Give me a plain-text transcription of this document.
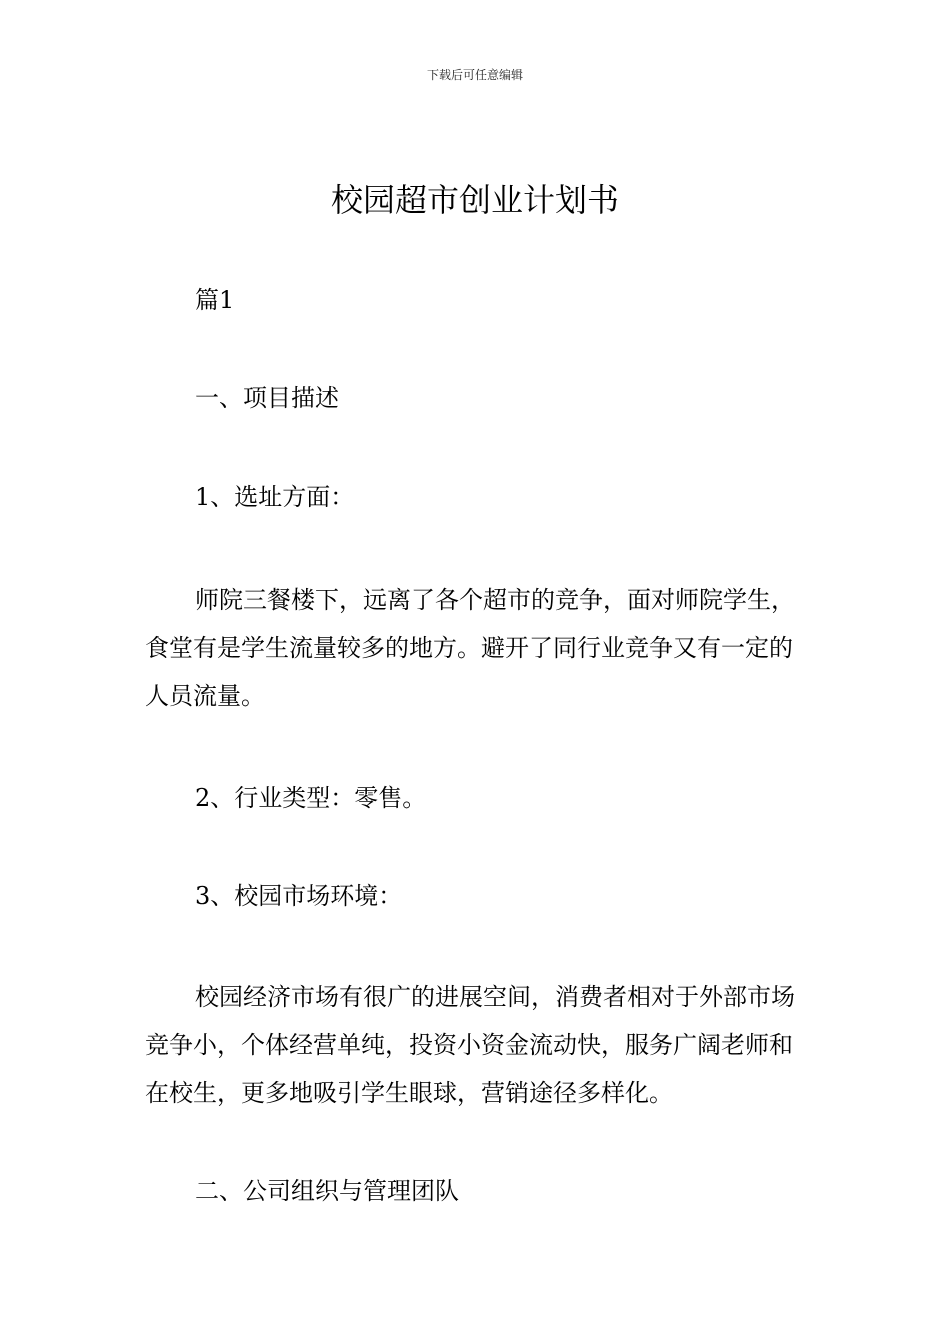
下载后可任意编辑
校园超市创业计划书

篇1

一、项目描述

1、选址方面：

师院三餐楼下，远离了各个超市的竞争，面对师院学生，食堂有是学生流量较多的地方。避开了同行业竞争又有一定的人员流量。

2、行业类型：零售。

3、校园市场环境：

校园经济市场有很广的进展空间，消费者相对于外部市场竞争小，个体经营单纯，投资小资金流动快，服务广阔老师和在校生，更多地吸引学生眼球，营销途径多样化。

二、公司组织与管理团队
